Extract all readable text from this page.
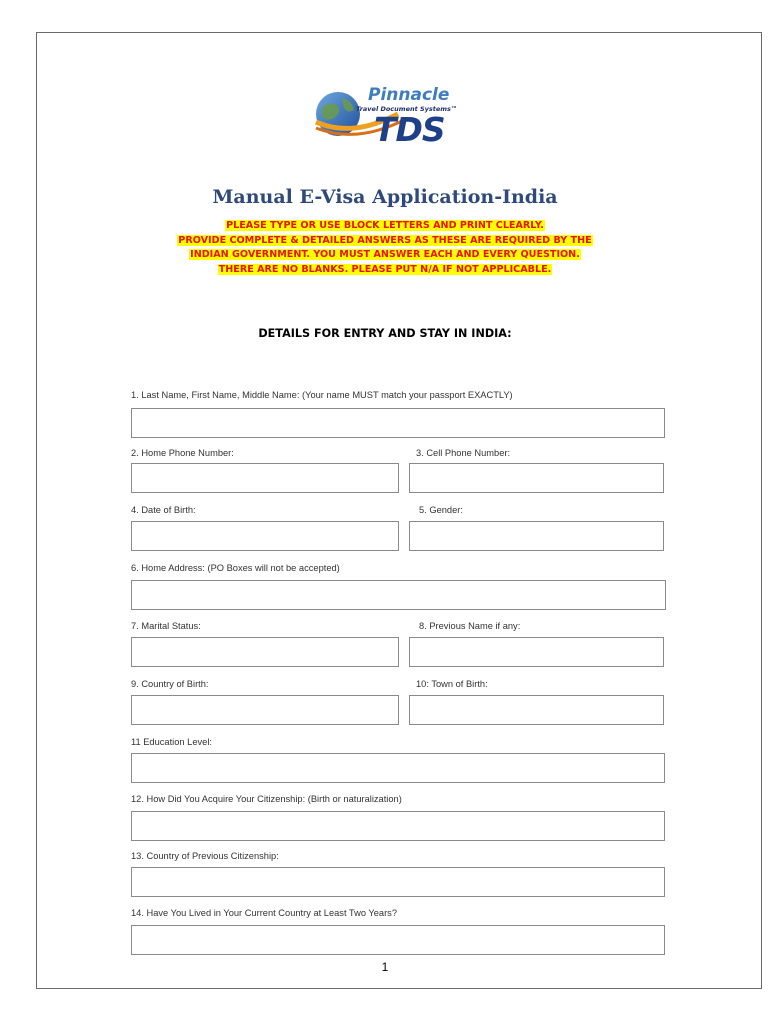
Pinnacle
Travel Document Systems™
TDS
Manual E-Visa Application-India
PLEASE TYPE OR USE BLOCK LETTERS AND PRINT CLEARLY.
PROVIDE COMPLETE & DETAILED ANSWERS AS THESE ARE REQUIRED BY THE
INDIAN GOVERNMENT. YOU MUST ANSWER EACH AND EVERY QUESTION.
THERE ARE NO BLANKS. PLEASE PUT N/A IF NOT APPLICABLE.
DETAILS FOR ENTRY AND STAY IN INDIA:
1. Last Name, First Name, Middle Name: (Your name MUST match your passport EXACTLY)
2. Home Phone Number:	3. Cell Phone Number:
4. Date of Birth:	5. Gender:
6. Home Address: (PO Boxes will not be accepted)
7. Marital Status:	8. Previous Name if any:
9. Country of Birth:	10: Town of Birth:
11 Education Level:
12. How Did You Acquire Your Citizenship: (Birth or naturalization)
13. Country of Previous Citizenship:
14. Have You Lived in Your Current Country at Least Two Years?
1
